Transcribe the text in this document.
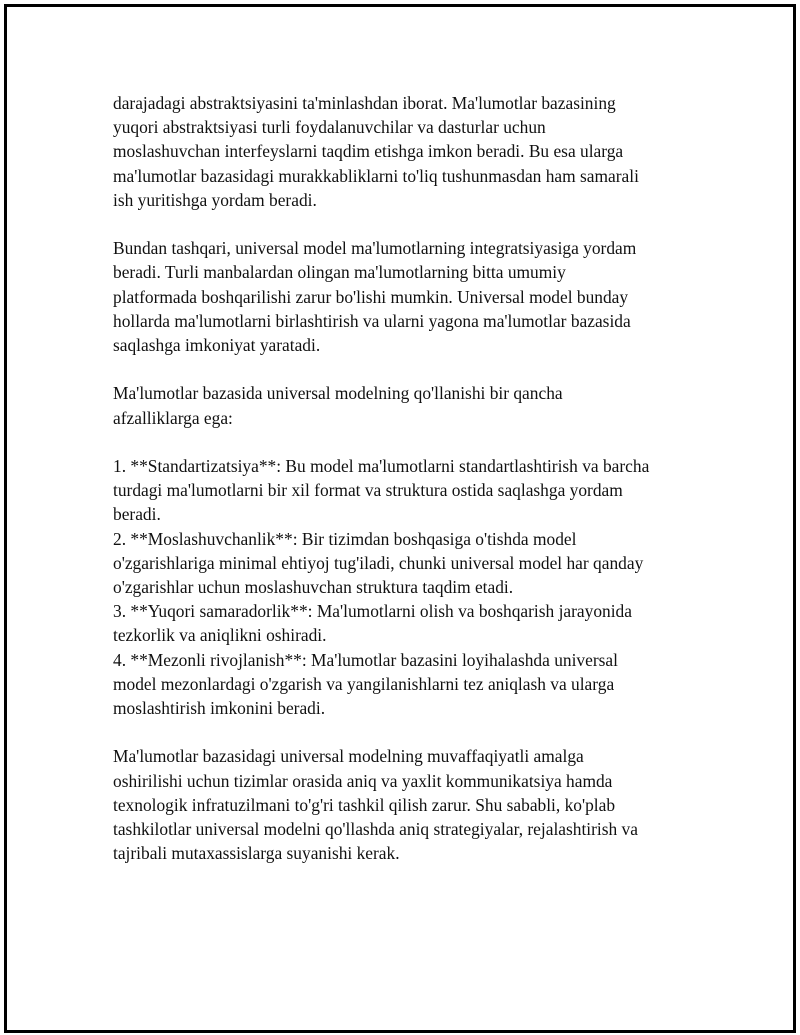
darajadagi abstraktsiyasini ta'minlashdan iborat. Ma'lumotlar bazasining
yuqori abstraktsiyasi turli foydalanuvchilar va dasturlar uchun
moslashuvchan interfeyslarni taqdim etishga imkon beradi. Bu esa ularga
ma'lumotlar bazasidagi murakkabliklarni to'liq tushunmasdan ham samarali
ish yuritishga yordam beradi.

Bundan tashqari, universal model ma'lumotlarning integratsiyasiga yordam
beradi. Turli manbalardan olingan ma'lumotlarning bitta umumiy
platformada boshqarilishi zarur bo'lishi mumkin. Universal model bunday
hollarda ma'lumotlarni birlashtirish va ularni yagona ma'lumotlar bazasida
saqlashga imkoniyat yaratadi.

Ma'lumotlar bazasida universal modelning qo'llanishi bir qancha
afzalliklarga ega:

1. **Standartizatsiya**: Bu model ma'lumotlarni standartlashtirish va barcha
turdagi ma'lumotlarni bir xil format va struktura ostida saqlashga yordam
beradi.
2. **Moslashuvchanlik**: Bir tizimdan boshqasiga o'tishda model
o'zgarishlariga minimal ehtiyoj tug'iladi, chunki universal model har qanday
o'zgarishlar uchun moslashuvchan struktura taqdim etadi.
3. **Yuqori samaradorlik**: Ma'lumotlarni olish va boshqarish jarayonida
tezkorlik va aniqlikni oshiradi.
4. **Mezonli rivojlanish**: Ma'lumotlar bazasini loyihalashda universal
model mezonlardagi o'zgarish va yangilanishlarni tez aniqlash va ularga
moslashtirish imkonini beradi.

Ma'lumotlar bazasidagi universal modelning muvaffaqiyatli amalga
oshirilishi uchun tizimlar orasida aniq va yaxlit kommunikatsiya hamda
texnologik infratuzilmani to'g'ri tashkil qilish zarur. Shu sababli, ko'plab
tashkilotlar universal modelni qo'llashda aniq strategiyalar, rejalashtirish va
tajribali mutaxassislarga suyanishi kerak.
